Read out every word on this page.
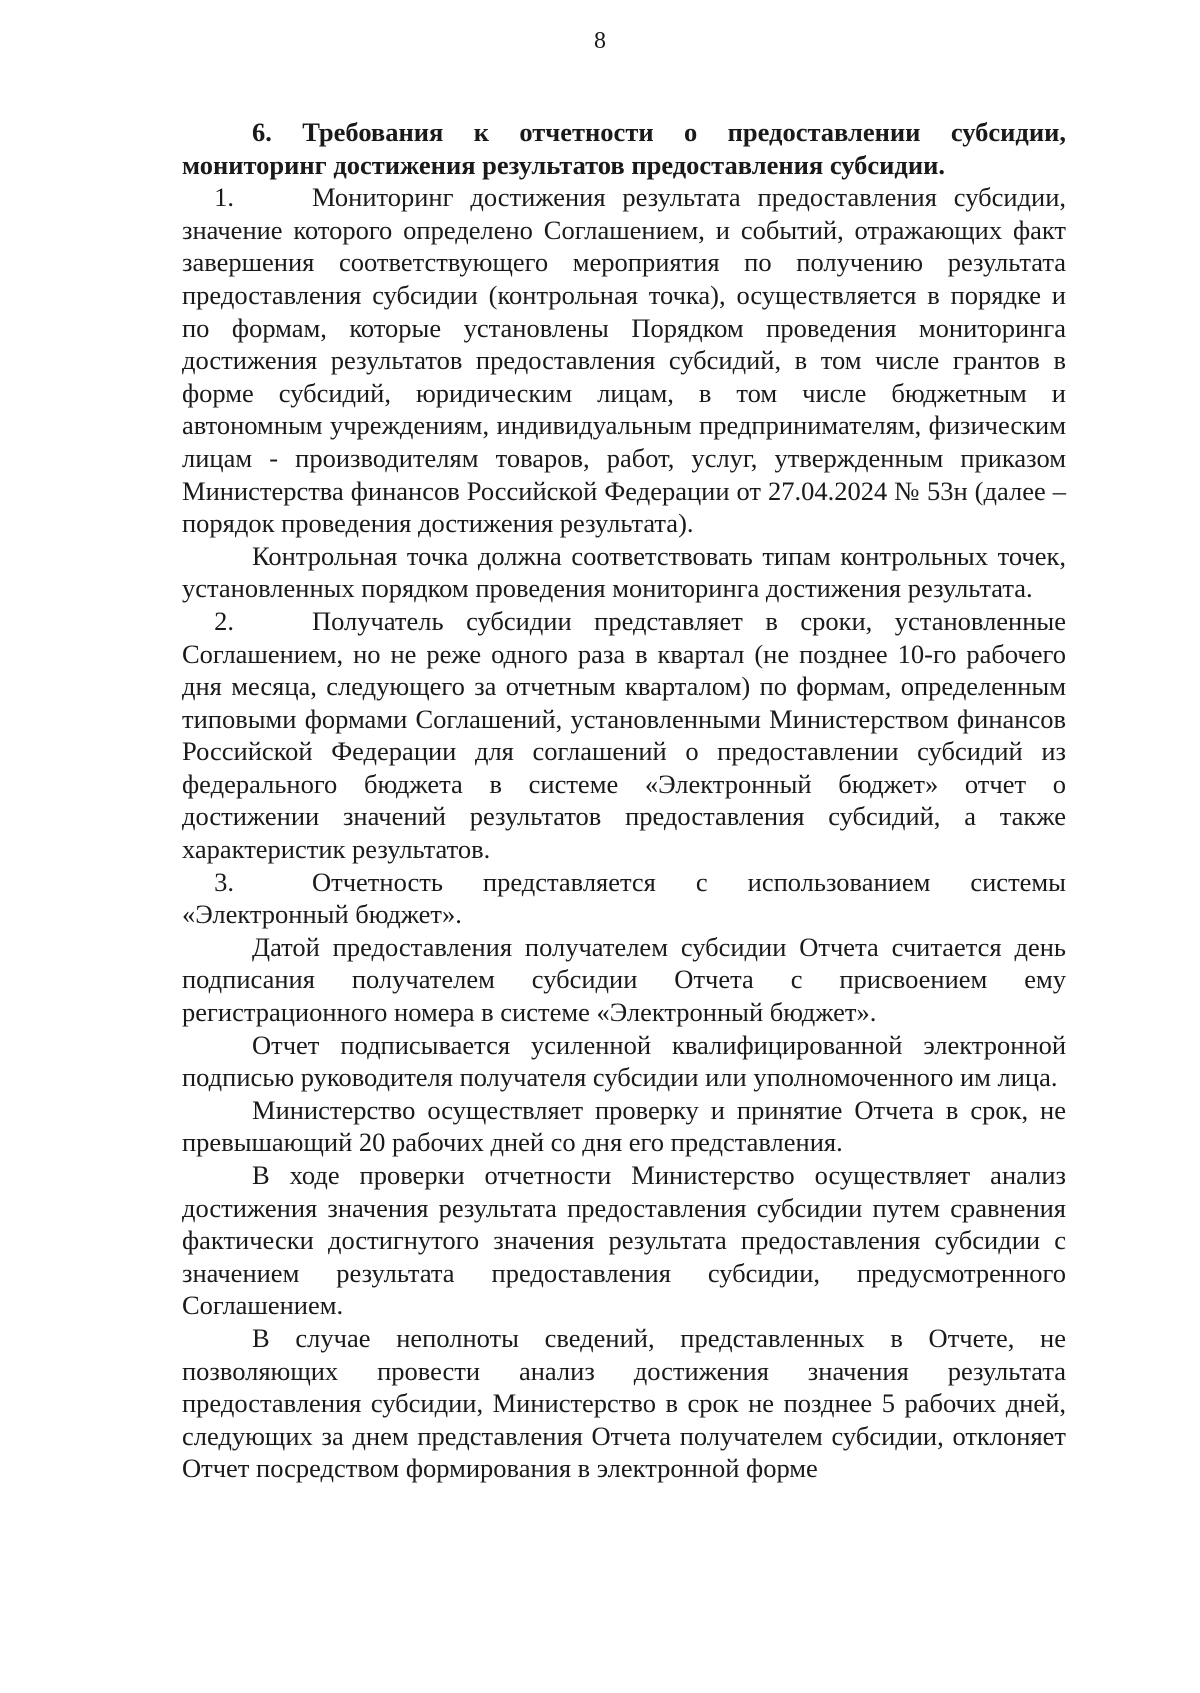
8

6. Требования к отчетности о предоставлении субсидии, мониторинг достижения результатов предоставления субсидии.

1.	Мониторинг достижения результата предоставления субсидии, значение которого определено Соглашением, и событий, отражающих факт завершения соответствующего мероприятия по получению результата предоставления субсидии (контрольная точка), осуществляется в порядке и по формам, которые установлены Порядком проведения мониторинга достижения результатов предоставления субсидий, в том числе грантов в форме субсидий, юридическим лицам, в том числе бюджетным и автономным учреждениям, индивидуальным предпринимателям, физическим лицам - производителям товаров, работ, услуг, утвержденным приказом Министерства финансов Российской Федерации от 27.04.2024 № 53н (далее – порядок проведения достижения результата).

Контрольная точка должна соответствовать типам контрольных точек, установленных порядком проведения мониторинга достижения результата.

2.	Получатель субсидии представляет в сроки, установленные Соглашением, но не реже одного раза в квартал (не позднее 10-го рабочего дня месяца, следующего за отчетным кварталом) по формам, определенным типовыми формами Соглашений, установленными Министерством финансов Российской Федерации для соглашений о предоставлении субсидий из федерального бюджета в системе «Электронный бюджет» отчет о достижении значений результатов предоставления субсидий, а также характеристик результатов.

3.	Отчетность представляется с использованием системы «Электронный бюджет».

Датой предоставления получателем субсидии Отчета считается день подписания получателем субсидии Отчета с присвоением ему регистрационного номера в системе «Электронный бюджет».

Отчет подписывается усиленной квалифицированной электронной подписью руководителя получателя субсидии или уполномоченного им лица.

Министерство осуществляет проверку и принятие Отчета в срок, не превышающий 20 рабочих дней со дня его представления.

В ходе проверки отчетности Министерство осуществляет анализ достижения значения результата предоставления субсидии путем сравнения фактически достигнутого значения результата предоставления субсидии с значением результата предоставления субсидии, предусмотренного Соглашением.

В случае неполноты сведений, представленных в Отчете, не позволяющих провести анализ достижения значения результата предоставления субсидии, Министерство в срок не позднее 5 рабочих дней, следующих за днем представления Отчета получателем субсидии, отклоняет Отчет посредством формирования в электронной форме
